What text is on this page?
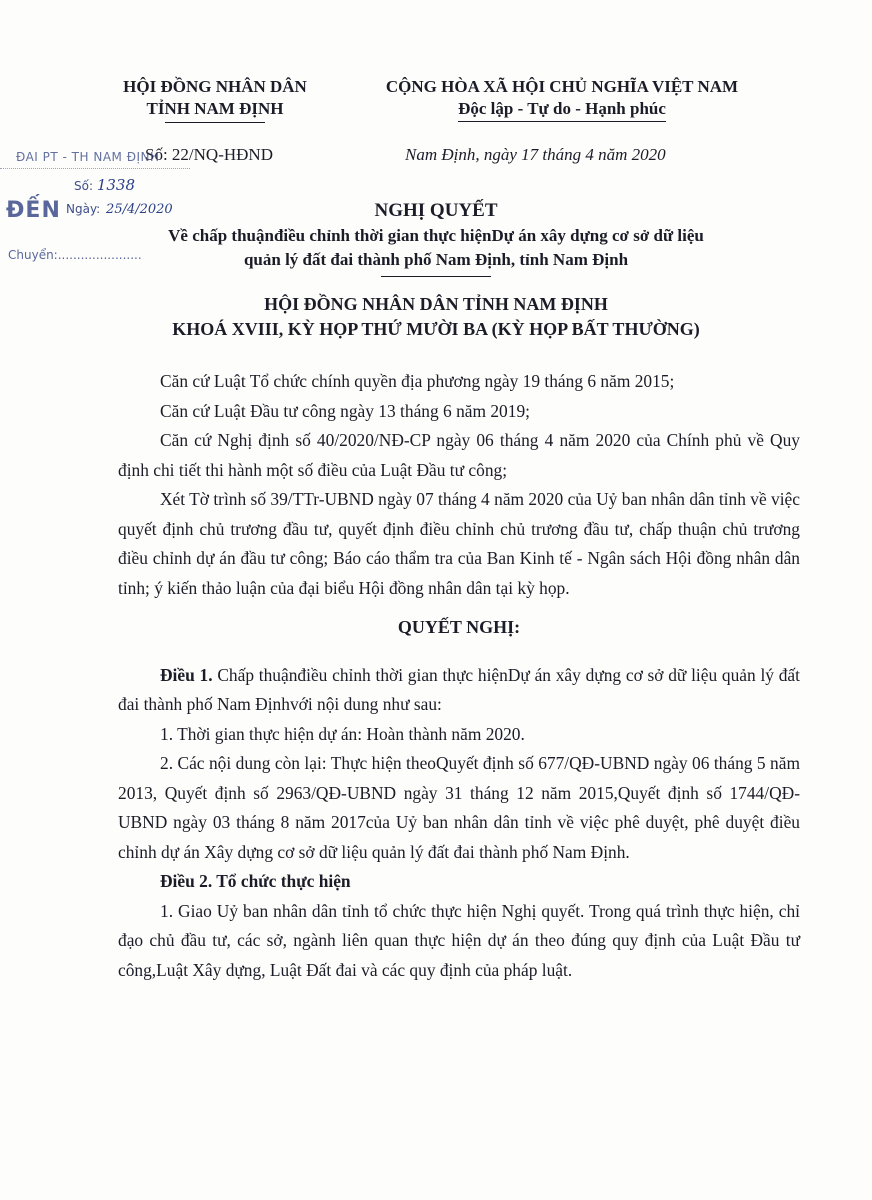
HỘI ĐỒNG NHÂN DÂN
TỈNH NAM ĐỊNH
CỘNG HÒA XÃ HỘI CHỦ NGHĨA VIỆT NAM
Độc lập - Tự do - Hạnh phúc
Số: 22/NQ-HĐND	Nam Định, ngày 17 tháng 4 năm 2020
ĐAI PT - TH NAM ĐỊNH
Số: 1338
ĐẾN Ngày: 25/4/2020
Chuyển:......................
NGHỊ QUYẾT
Về chấp thuậnđiều chỉnh thời gian thực hiệnDự án xây dựng cơ sở dữ liệu
quản lý đất đai thành phố Nam Định, tỉnh Nam Định
HỘI ĐỒNG NHÂN DÂN TỈNH NAM ĐỊNH
KHOÁ XVIII, KỲ HỌP THỨ MƯỜI BA (KỲ HỌP BẤT THƯỜNG)

Căn cứ Luật Tổ chức chính quyền địa phương ngày 19 tháng 6 năm 2015;

Căn cứ Luật Đầu tư công ngày 13 tháng 6 năm 2019;

Căn cứ Nghị định số 40/2020/NĐ-CP ngày 06 tháng 4 năm 2020 của Chính phủ về Quy định chi tiết thi hành một số điều của Luật Đầu tư công;

Xét Tờ trình số 39/TTr-UBND ngày 07 tháng 4 năm 2020 của Uỷ ban nhân dân tỉnh về việc quyết định chủ trương đầu tư, quyết định điều chỉnh chủ trương đầu tư, chấp thuận chủ trương điều chỉnh dự án đầu tư công; Báo cáo thẩm tra của Ban Kinh tế - Ngân sách Hội đồng nhân dân tỉnh; ý kiến thảo luận của đại biểu Hội đồng nhân dân tại kỳ họp.

QUYẾT NGHỊ:

Điều 1. Chấp thuậnđiều chỉnh thời gian thực hiệnDự án xây dựng cơ sở dữ liệu quản lý đất đai thành phố Nam Địnhvới nội dung như sau:

1. Thời gian thực hiện dự án: Hoàn thành năm 2020.

2. Các nội dung còn lại: Thực hiện theoQuyết định số 677/QĐ-UBND ngày 06 tháng 5 năm 2013, Quyết định số 2963/QĐ-UBND ngày 31 tháng 12 năm 2015,Quyết định số 1744/QĐ-UBND ngày 03 tháng 8 năm 2017của Uỷ ban nhân dân tỉnh về việc phê duyệt, phê duyệt điều chỉnh dự án Xây dựng cơ sở dữ liệu quản lý đất đai thành phố Nam Định.

Điều 2. Tổ chức thực hiện

1. Giao Uỷ ban nhân dân tỉnh tổ chức thực hiện Nghị quyết. Trong quá trình thực hiện, chỉ đạo chủ đầu tư, các sở, ngành liên quan thực hiện dự án theo đúng quy định của Luật Đầu tư công,Luật Xây dựng, Luật Đất đai và các quy định của pháp luật.
